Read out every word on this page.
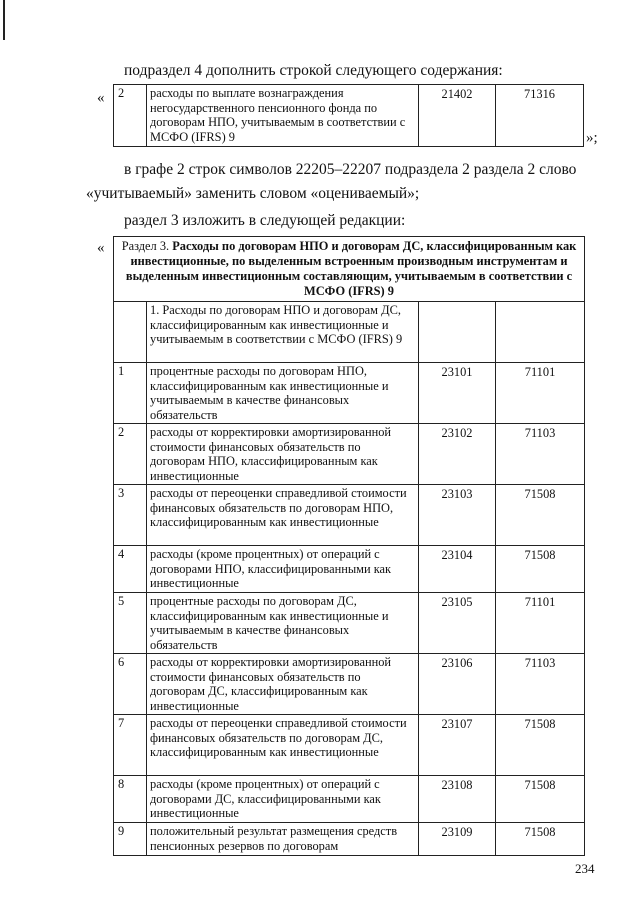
подраздел 4 дополнить строкой следующего содержания:
« 2	расходы по выплате вознаграждения негосударственного пенсионного фонда по договорам НПО, учитываемым в соответствии с МСФО (IFRS) 9	21402	71316
»;
в графе 2 строк символов 22205–22207 подраздела 2 раздела 2 слово
«учитываемый» заменить словом «оцениваемый»;
раздел 3 изложить в следующей редакции:
« Раздел 3. Расходы по договорам НПО и договорам ДС, классифицированным как инвестиционные, по выделенным встроенным производным инструментам и выделенным инвестиционным составляющим, учитываемым в соответствии с МСФО (IFRS) 9			
	1. Расходы по договорам НПО и договорам ДС, классифицированным как инвестиционные и учитываемым в соответствии с МСФО (IFRS) 9		
1	процентные расходы по договорам НПО, классифицированным как инвестиционные и учитываемым в качестве финансовых обязательств	23101	71101
2	расходы от корректировки амортизированной стоимости финансовых обязательств по договорам НПО, классифицированным как инвестиционные	23102	71103
3	расходы от переоценки справедливой стоимости финансовых обязательств по договорам НПО, классифицированным как инвестиционные	23103	71508
4	расходы (кроме процентных) от операций с договорами НПО, классифицированными как инвестиционные	23104	71508
5	процентные расходы по договорам ДС, классифицированным как инвестиционные и учитываемым в качестве финансовых обязательств	23105	71101
6	расходы от корректировки амортизированной стоимости финансовых обязательств по договорам ДС, классифицированным как инвестиционные	23106	71103
7	расходы от переоценки справедливой стоимости финансовых обязательств по договорам ДС, классифицированным как инвестиционные	23107	71508
8	расходы (кроме процентных) от операций с договорами ДС, классифицированными как инвестиционные	23108	71508
9	положительный результат размещения средств пенсионных резервов по договорам	23109	71508
234
